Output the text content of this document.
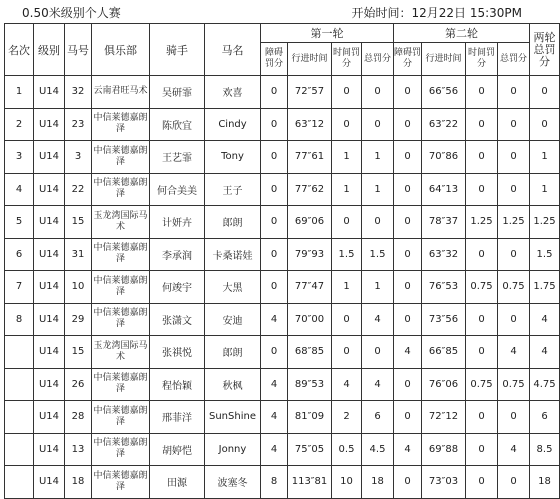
0.50米级别个人赛	开始时间：12月22日 15:30PM
名次	级别	马号	俱乐部	骑手	马名	第一轮				第二轮				两轮总罚分
						障碍罚分	行进时间	时间罚分	总罚分	障碍罚分	行进时间	时间罚分	总罚分	
1	U14	32	云南君旺马术	吴研霏	欢喜	0	72″57	0	0	0	66″56	0	0	0
2	U14	23	中信莱德嘉朗泽	陈欣宜	Cindy	0	63″12	0	0	0	63″22	0	0	0
3	U14	3	中信莱德嘉朗泽	王艺霏	Tony	0	77″61	1	1	0	70″86	0	0	1
4	U14	22	中信莱德嘉朗泽	何合美美	王子	0	77″62	1	1	0	64″13	0	0	1
5	U14	15	玉龙湾国际马术	计妍卉	郎朗	0	69″06	0	0	0	78″37	1.25	1.25	1.25
6	U14	31	中信莱德嘉朗泽	李承润	卡桑诺娃	0	79″93	1.5	1.5	0	63″32	0	0	1.5
7	U14	10	中信莱德嘉朗泽	何竣宇	大黑	0	77″47	1	1	0	76″53	0.75	0.75	1.75
8	U14	29	中信莱德嘉朗泽	张潇文	安迪	4	70″00	0	4	0	73″56	0	0	4
	U14	15	玉龙湾国际马术	张祺悦	郎朗	0	68″85	0	0	4	66″85	0	4	4
	U14	26	中信莱德嘉朗泽	程怡颖	秋枫	4	89″53	4	4	0	76″06	0.75	0.75	4.75
	U14	28	中信莱德嘉朗泽	邢菲洋	SunShine	4	81″09	2	6	0	72″12	0	0	6
	U14	13	中信莱德嘉朗泽	胡婷恺	Jonny	4	75″05	0.5	4.5	4	69″88	0	4	8.5
	U14	18	中信莱德嘉朗泽	田源	波塞冬	8	113″81	10	18	0	73″03	0	0	18
